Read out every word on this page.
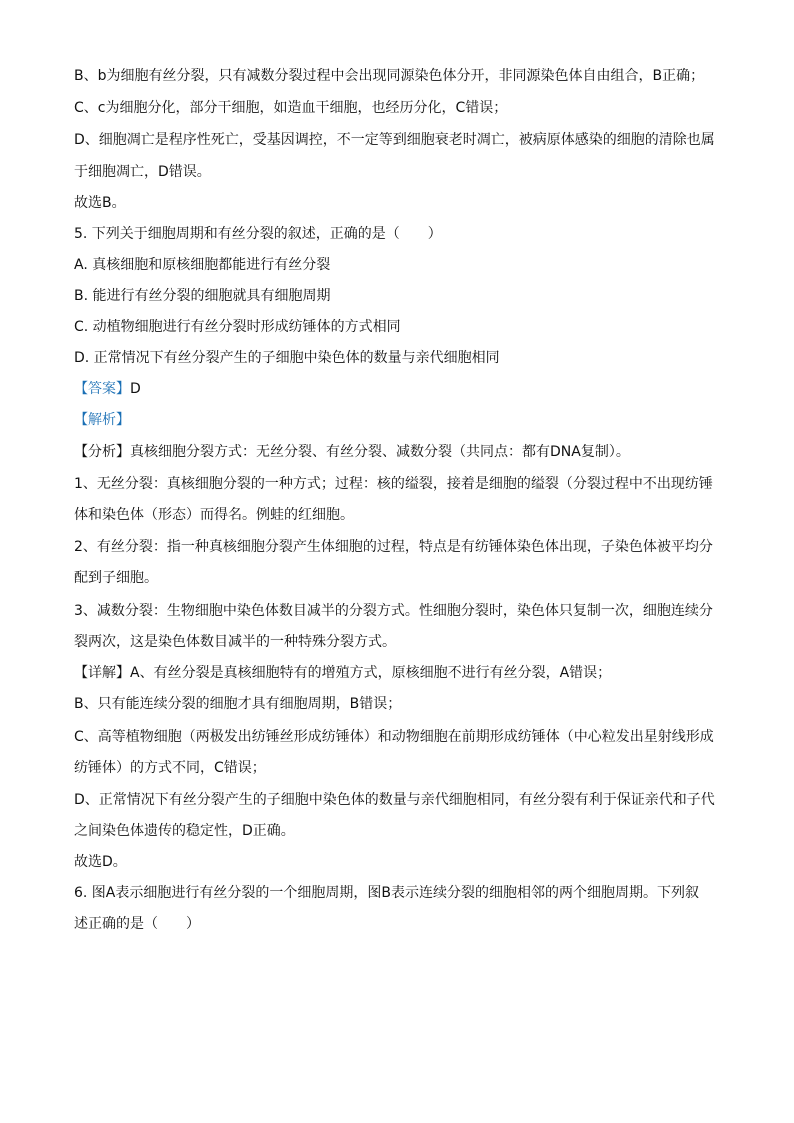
B、b为细胞有丝分裂，只有减数分裂过程中会出现同源染色体分开，非同源染色体自由组合，B正确；
C、c为细胞分化，部分干细胞，如造血干细胞，也经历分化，C错误；
D、细胞凋亡是程序性死亡，受基因调控，不一定等到细胞衰老时凋亡，被病原体感染的细胞的清除也属
于细胞凋亡，D错误。
故选B。
5. 下列关于细胞周期和有丝分裂的叙述，正确的是（　　）
A. 真核细胞和原核细胞都能进行有丝分裂
B. 能进行有丝分裂的细胞就具有细胞周期
C. 动植物细胞进行有丝分裂时形成纺锤体的方式相同
D. 正常情况下有丝分裂产生的子细胞中染色体的数量与亲代细胞相同
【答案】D
【解析】
【分析】真核细胞分裂方式：无丝分裂、有丝分裂、减数分裂（共同点：都有DNA复制）。
1、无丝分裂：真核细胞分裂的一种方式；过程：核的缢裂，接着是细胞的缢裂（分裂过程中不出现纺锤
体和染色体（形态）而得名。例蛙的红细胞。
2、有丝分裂：指一种真核细胞分裂产生体细胞的过程，特点是有纺锤体染色体出现，子染色体被平均分
配到子细胞。
3、减数分裂：生物细胞中染色体数目减半的分裂方式。性细胞分裂时，染色体只复制一次，细胞连续分
裂两次，这是染色体数目减半的一种特殊分裂方式。
【详解】A、有丝分裂是真核细胞特有的增殖方式，原核细胞不进行有丝分裂，A错误；
B、只有能连续分裂的细胞才具有细胞周期，B错误；
C、高等植物细胞（两极发出纺锤丝形成纺锤体）和动物细胞在前期形成纺锤体（中心粒发出星射线形成
纺锤体）的方式不同，C错误；
D、正常情况下有丝分裂产生的子细胞中染色体的数量与亲代细胞相同，有丝分裂有利于保证亲代和子代
之间染色体遗传的稳定性，D正确。
故选D。
6. 图A表示细胞进行有丝分裂的一个细胞周期，图B表示连续分裂的细胞相邻的两个细胞周期。下列叙
述正确的是（　　）
